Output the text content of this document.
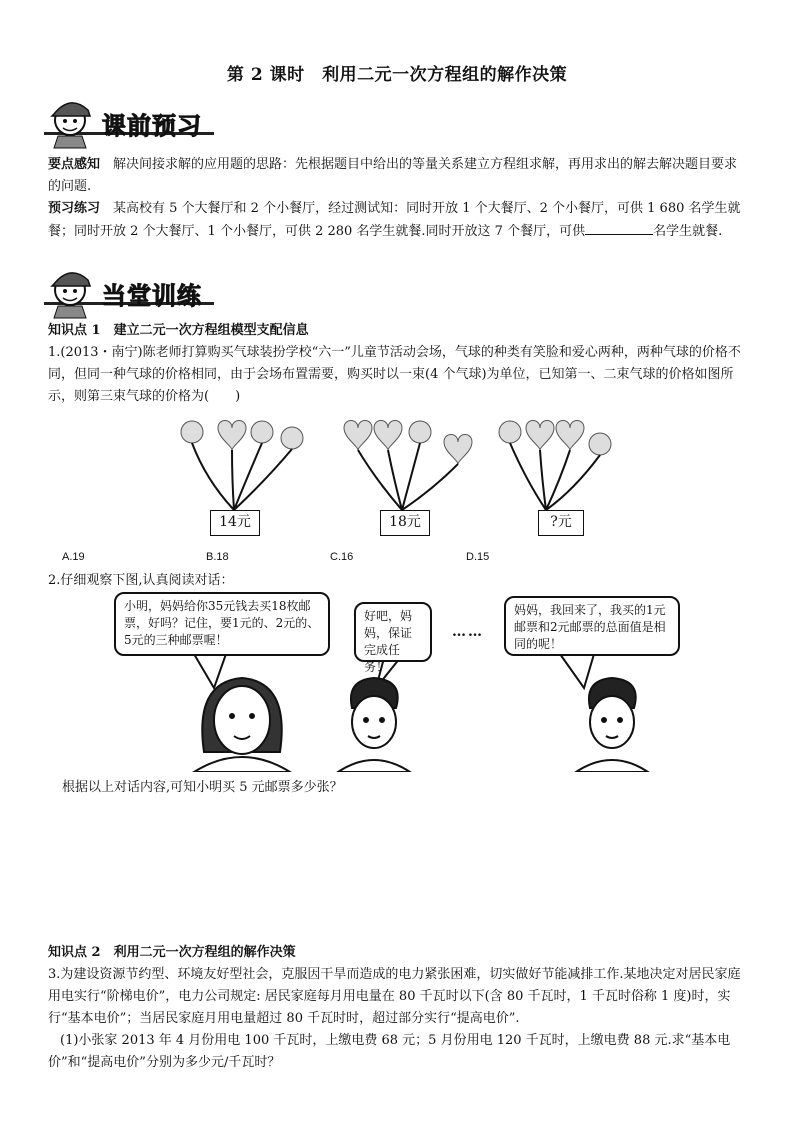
第 2 课时　利用二元一次方程组的解作决策
课前预习
要点感知　解决间接求解的应用题的思路：先根据题目中给出的等量关系建立方程组求解，再用求出的解去解决题目要求的问题.
预习练习　某高校有 5 个大餐厅和 2 个小餐厅，经过测试知：同时开放 1 个大餐厅、2 个小餐厅，可供 1 680 名学生就餐；同时开放 2 个大餐厅、1 个小餐厅，可供 2 280 名学生就餐.同时开放这 7 个餐厅，可供	名学生就餐.
当堂训练
知识点 1　建立二元一次方程组模型支配信息
1.(2013・南宁)陈老师打算购买气球装扮学校“六一”儿童节活动会场，气球的种类有笑脸和爱心两种，两种气球的价格不同，但同一种气球的价格相同，由于会场布置需要，购买时以一束(4 个气球)为单位，已知第一、二束气球的价格如图所示，则第三束气球的价格为(　　)
14元	18元	?元
A.19	B.18	C.16	D.15
2.仔细观察下图,认真阅读对话：
小明，妈妈给你35元钱去买18枚邮票，好吗？记住，要1元的、2元的、5元的三种邮票喔！
好吧，妈妈，保证完成任务！
……
妈妈，我回来了，我买的1元邮票和2元邮票的总面值是相同的呢！
根据以上对话内容,可知小明买 5 元邮票多少张？
知识点 2　利用二元一次方程组的解作决策
3.为建设资源节约型、环境友好型社会，克服因干旱而造成的电力紧张困难，切实做好节能减排工作.某地决定对居民家庭用电实行“阶梯电价”，电力公司规定: 居民家庭每月用电量在 80 千瓦时以下(含 80 千瓦时，1 千瓦时俗称 1 度)时，实行“基本电价”；当居民家庭月用电量超过 80 千瓦时时，超过部分实行“提高电价”.
(1)小张家 2013 年 4 月份用电 100 千瓦时，上缴电费 68 元；5 月份用电 120 千瓦时，上缴电费 88 元.求“基本电价”和“提高电价”分别为多少元/千瓦时？
